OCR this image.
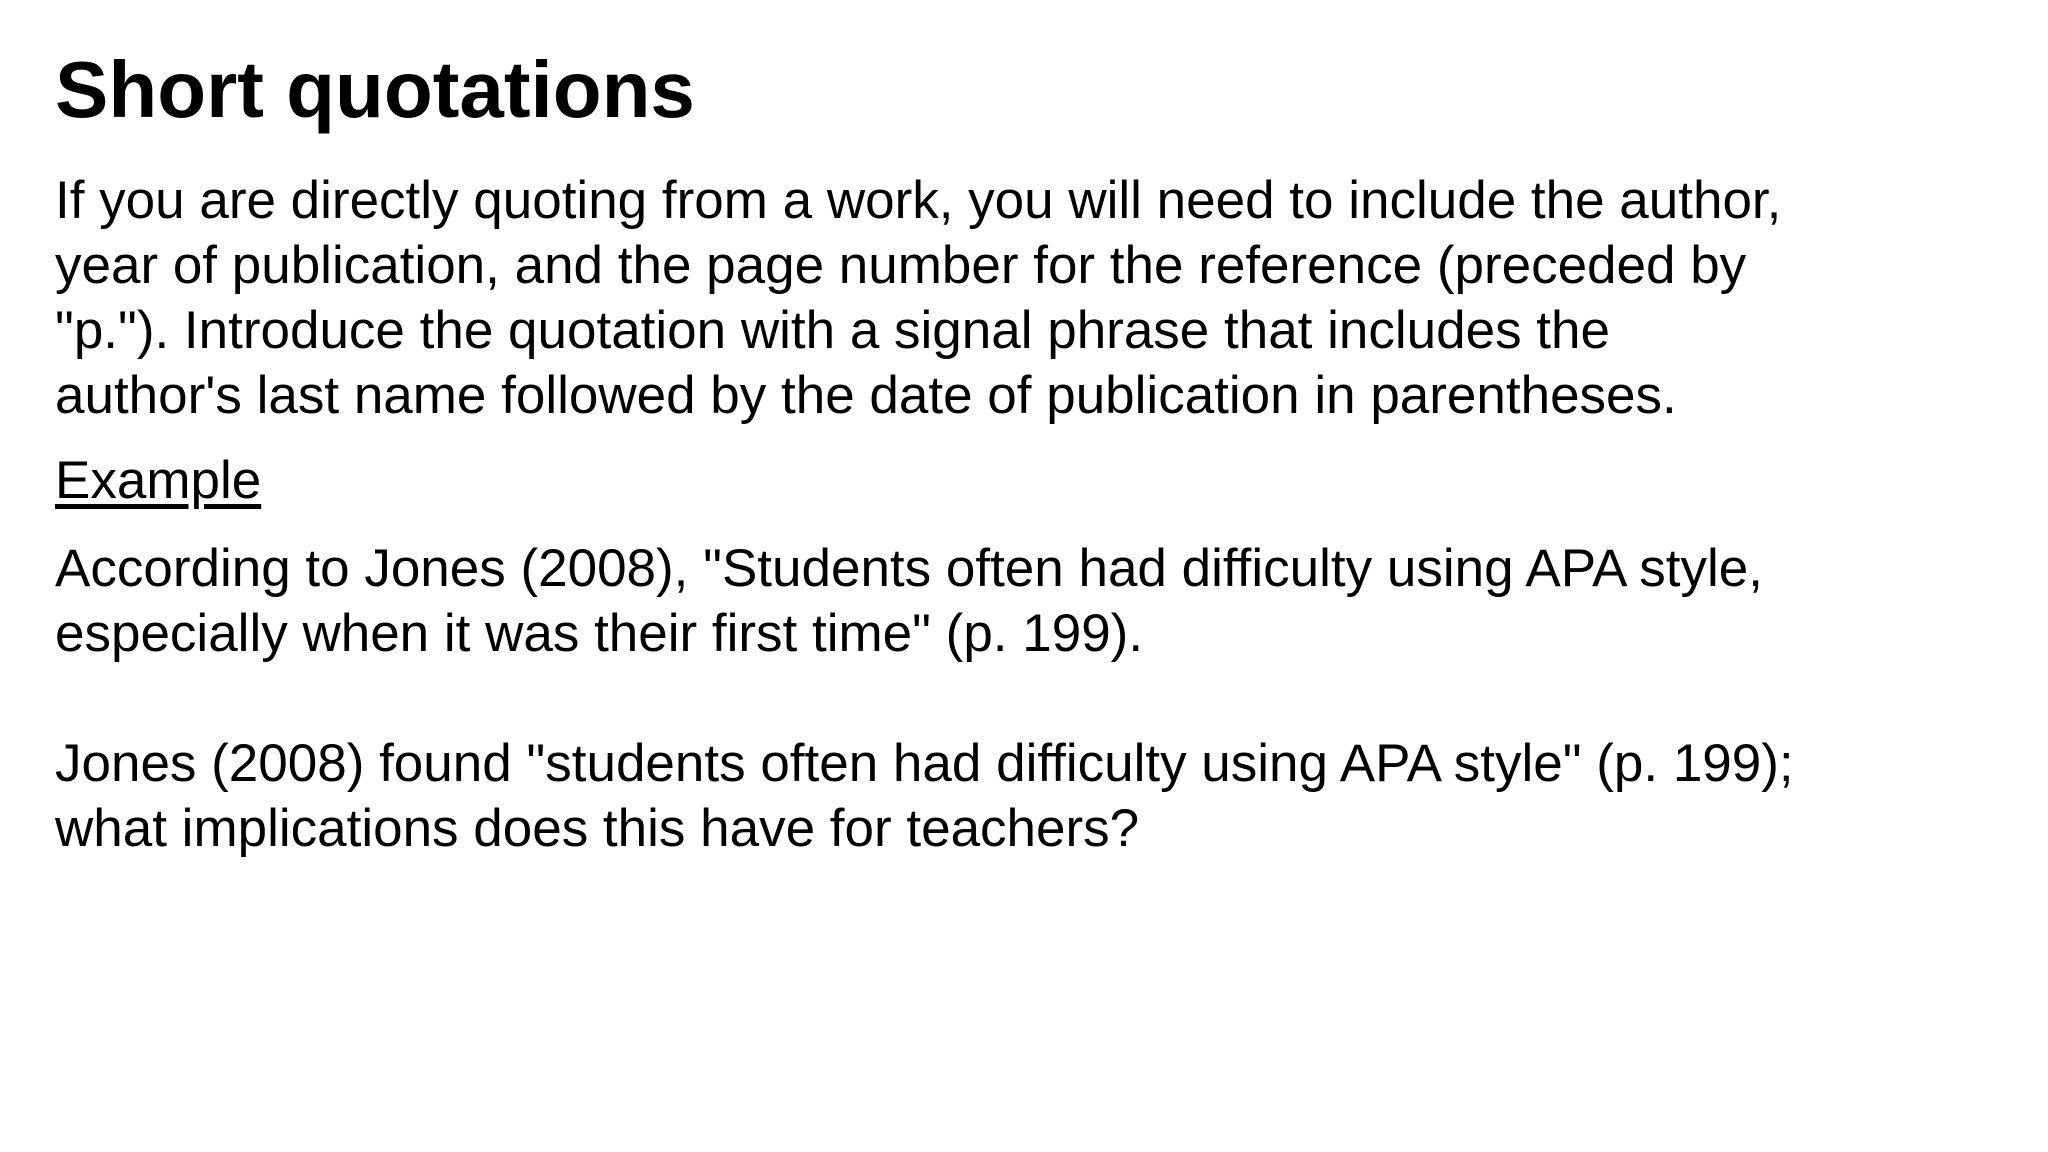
Short quotations

If you are directly quoting from a work, you will need to include the author,
year of publication, and the page number for the reference (preceded by
"p."). Introduce the quotation with a signal phrase that includes the
author's last name followed by the date of publication in parentheses.

Example

According to Jones (2008), "Students often had difficulty using APA style,
especially when it was their first time" (p. 199).

Jones (2008) found "students often had difficulty using APA style" (p. 199);
what implications does this have for teachers?
